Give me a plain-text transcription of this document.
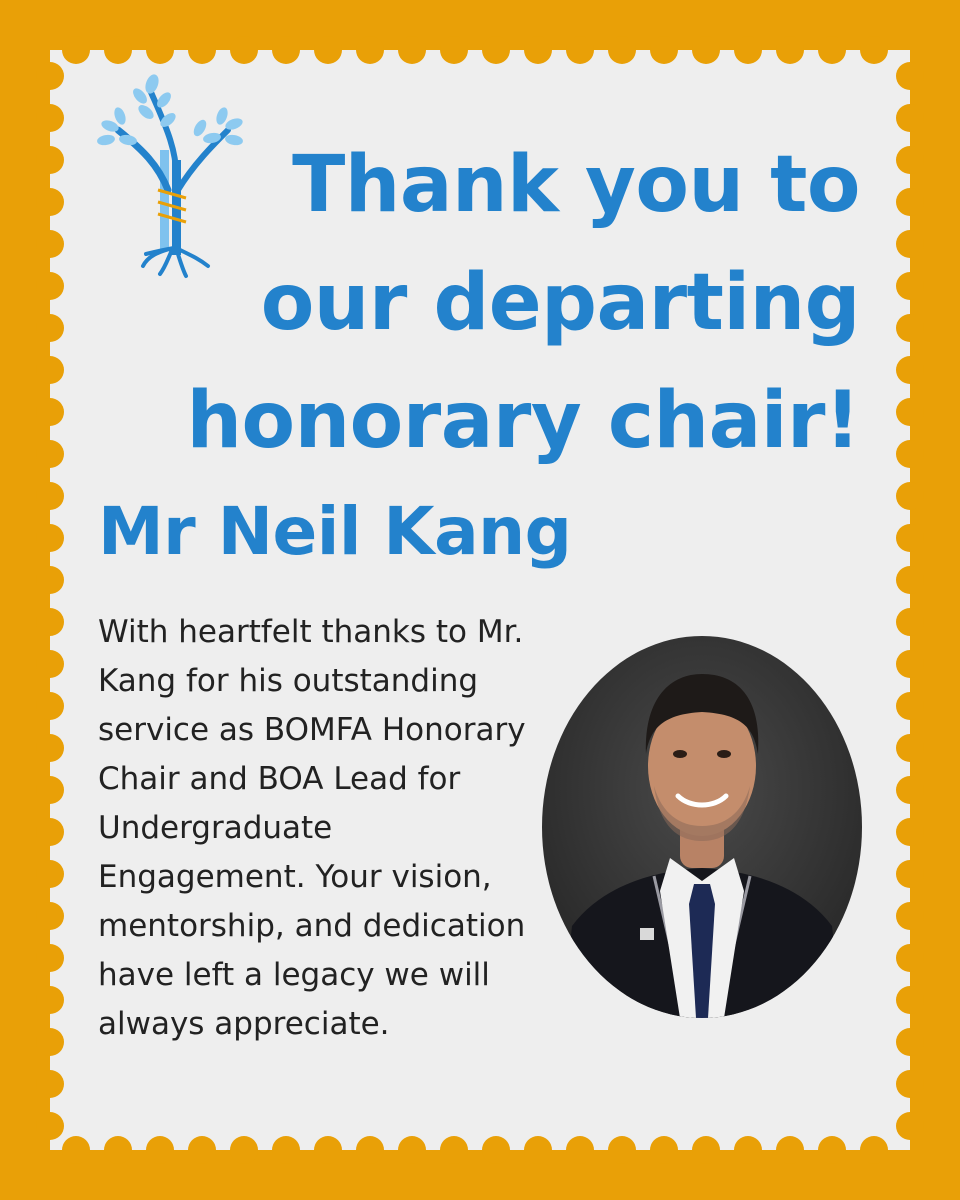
Thank you to
our departing
honorary chair!
Mr Neil Kang

With heartfelt thanks to Mr. Kang for his outstanding service as BOMFA Honorary Chair and BOA Lead for Undergraduate Engagement. Your vision, mentorship, and dedication have left a legacy we will always appreciate.
